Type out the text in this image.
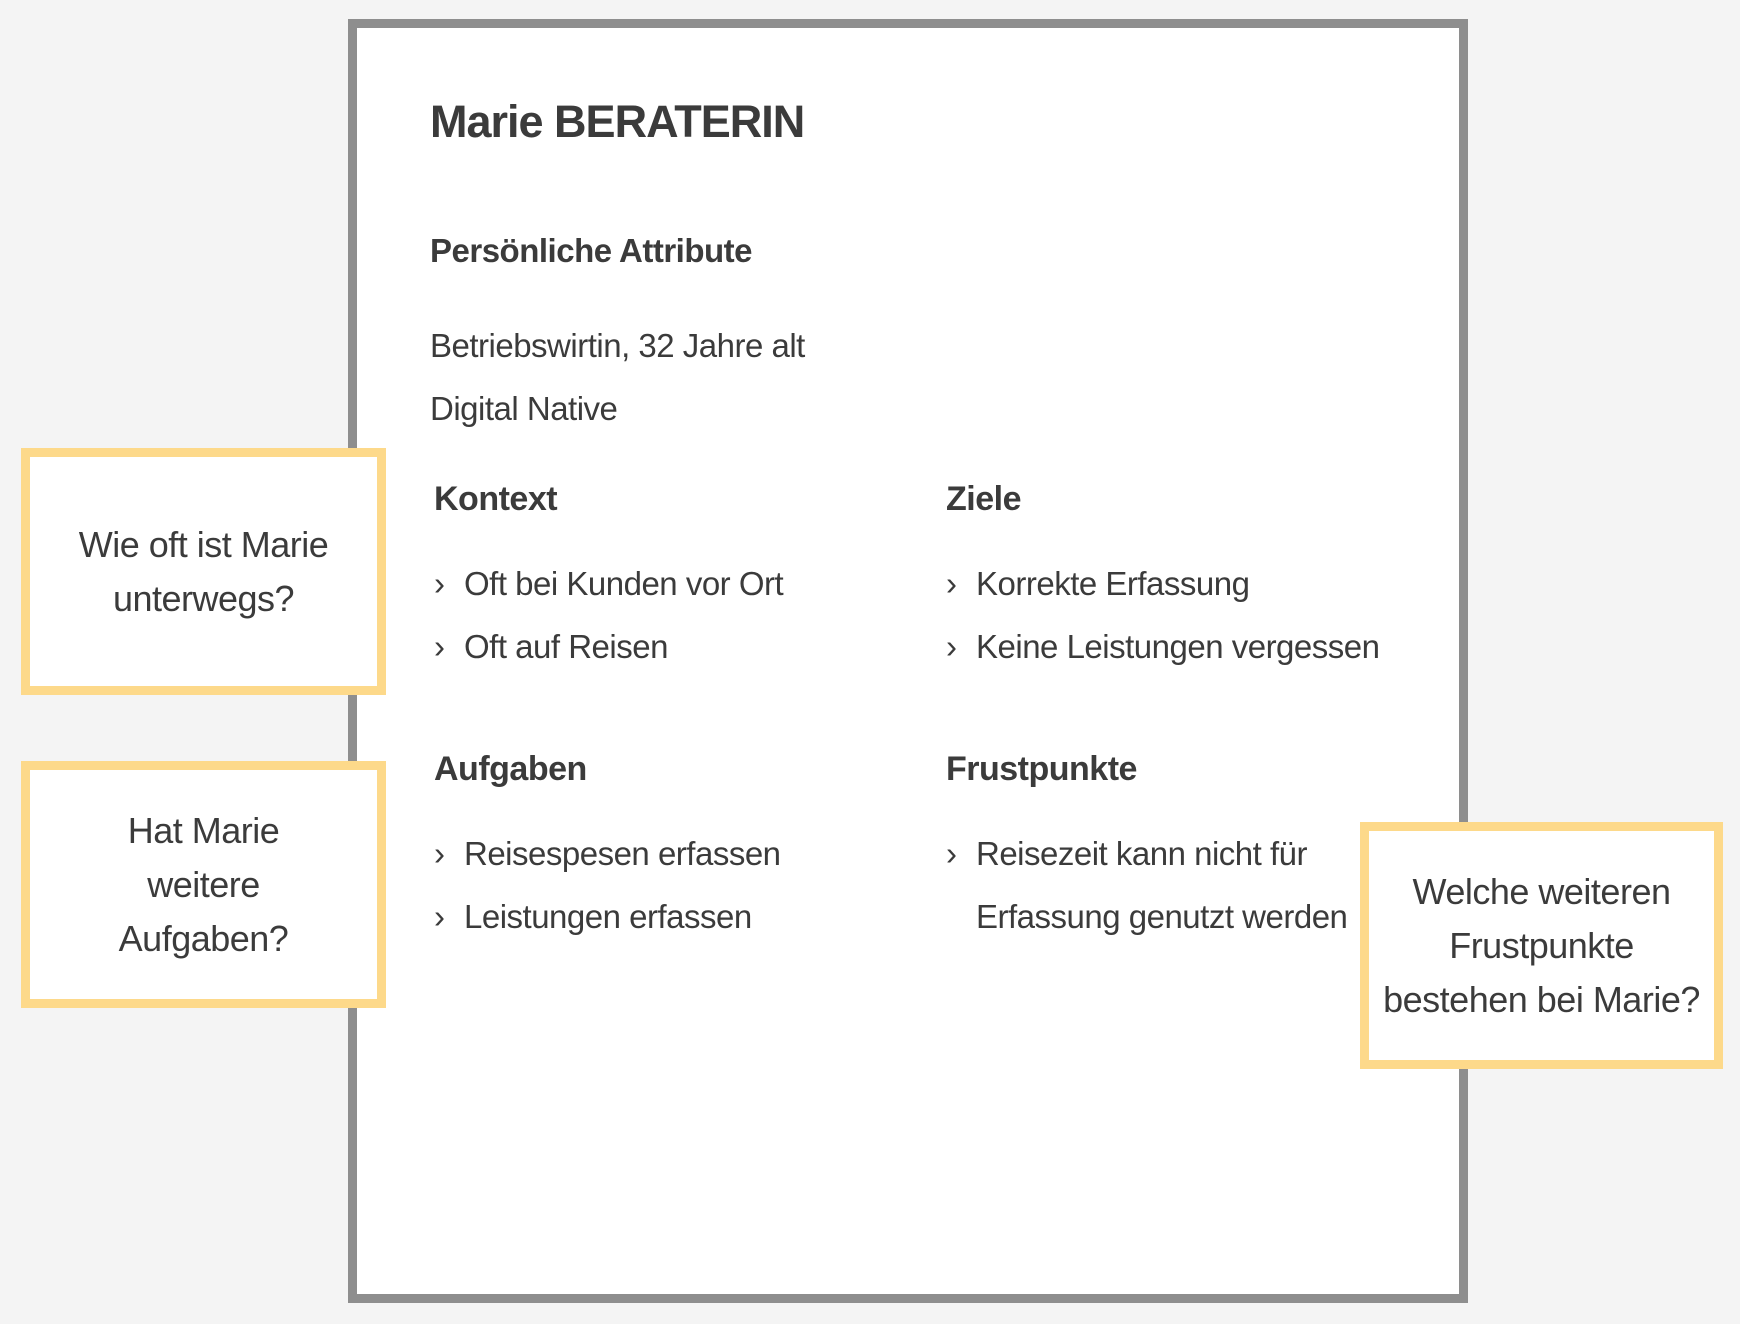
Marie BERATERIN
Persönliche Attribute
Betriebswirtin, 32 Jahre alt
Digital Native
Kontext
› Oft bei Kunden vor Ort
› Oft auf Reisen
Ziele
› Korrekte Erfassung
› Keine Leistungen vergessen
Aufgaben
› Reisespesen erfassen
› Leistungen erfassen
Frustpunkte
› Reisezeit kann nicht für Erfassung genutzt werden
Wie oft ist Marie unterwegs?
Hat Marie weitere Aufgaben?
Welche weiteren Frustpunkte bestehen bei Marie?
